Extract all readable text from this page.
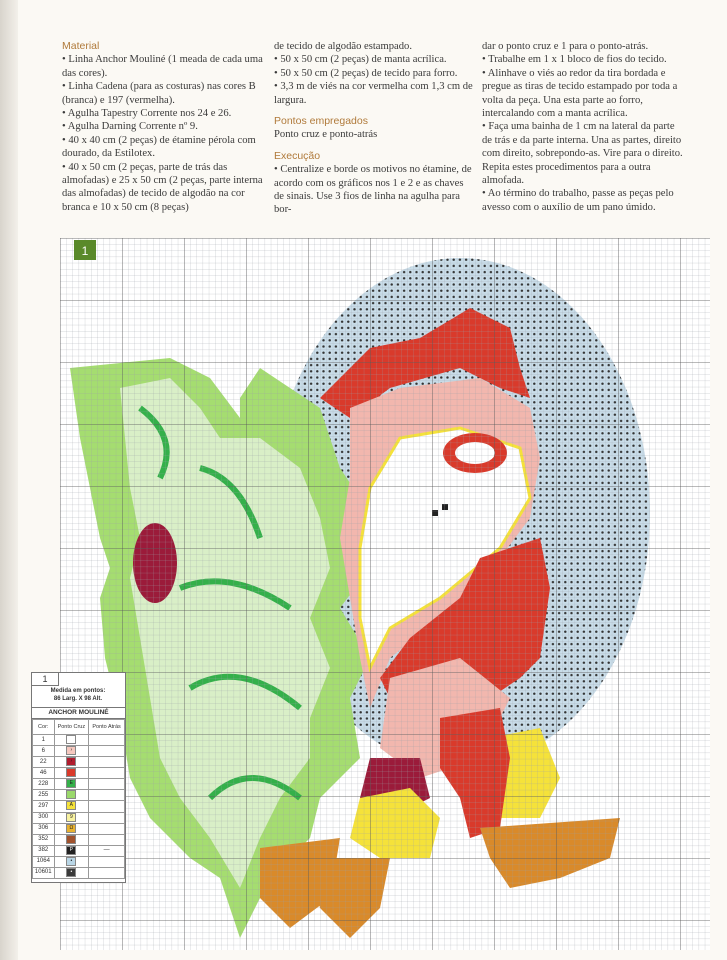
Material

• Linha Anchor Mouliné (1 meada de cada uma das cores).

• Linha Cadena (para as costuras) nas cores B (branca) e 197 (vermelha).

• Agulha Tapestry Corrente nos 24 e 26.

• Agulha Darning Corrente nº 9.

• 40 x 40 cm (2 peças) de étamine pérola com dourado, da Estilotex.

• 40 x 50 cm (2 peças, parte de trás das almofadas) e 25 x 50 cm (2 peças, parte interna das almofadas) de tecido de algodão na cor branca e 10 x 50 cm (8 peças)

de tecido de algodão estampado.

• 50 x 50 cm (2 peças) de manta acrílica.

• 50 x 50 cm (2 peças) de tecido para forro.

• 3,3 m de viés na cor vermelha com 1,3 cm de largura.

Pontos empregados

Ponto cruz e ponto-atrás

Execução

• Centralize e borde os motivos no étamine, de acordo com os gráficos nos 1 e 2 e as chaves de sinais. Use 3 fios de linha na agulha para bor-

dar o ponto cruz e 1 para o ponto-atrás.

• Trabalhe em 1 x 1 bloco de fios do tecido.

• Alinhave o viés ao redor da tira bordada e pregue as tiras de tecido estampado por toda a volta da peça. Una esta parte ao forro, intercalando com a manta acrílica.

• Faça uma bainha de 1 cm na lateral da parte de trás e da parte interna. Una as partes, direito com direito, sobrepondo-as. Vire para o direito. Repita estes procedimentos para a outra almofada.

• Ao término do trabalho, passe as peças pelo avesso com o auxílio de um pano úmido.

1
1
Medida em pontos:
86 Larg. X 98 Alt.
ANCHOR MOULINÉ
Cor:	Ponto Cruz	Ponto Atrás
1		
6	›	
22	›	
46		
228	E	
255		
297	A	
300	9	
306	Ω	
352		
382	P	—
1064	•	
10601	•	
